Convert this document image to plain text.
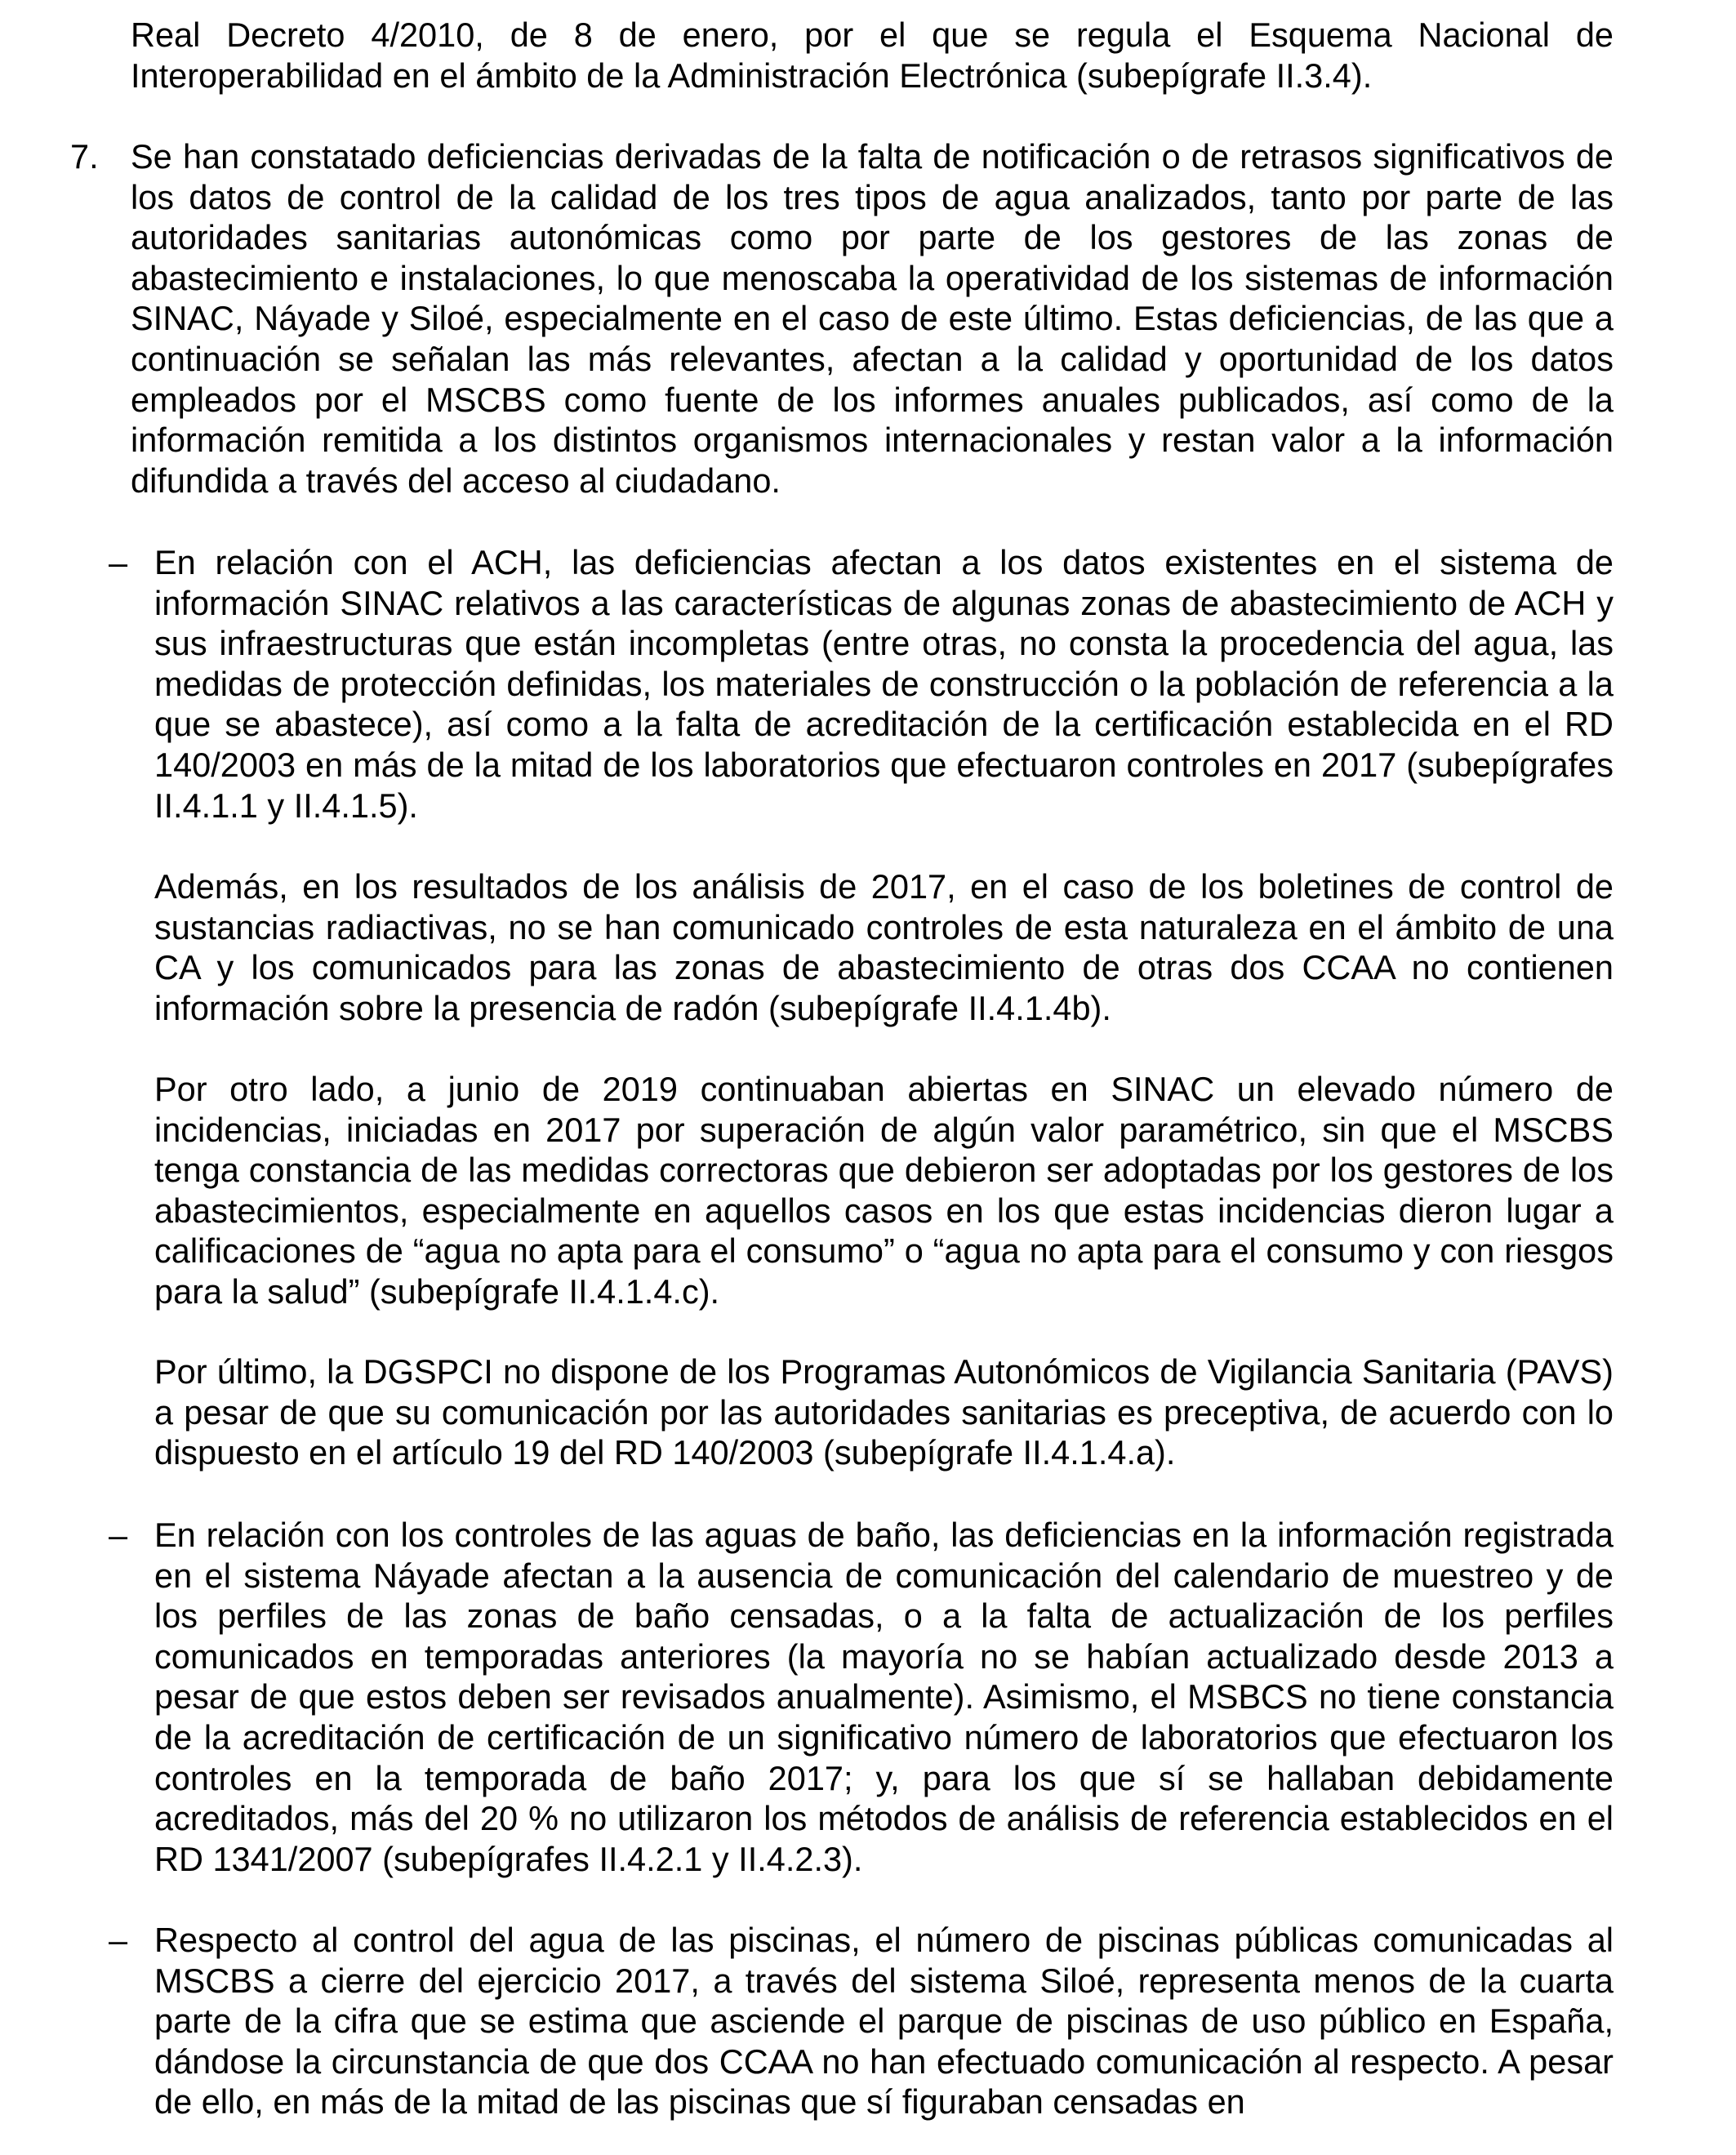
Real Decreto 4/2010, de 8 de enero, por el que se regula el Esquema Nacional de Interoperabilidad en el ámbito de la Administración Electrónica (subepígrafe II.3.4).

7. Se han constatado deficiencias derivadas de la falta de notificación o de retrasos significativos de los datos de control de la calidad de los tres tipos de agua analizados, tanto por parte de las autoridades sanitarias autonómicas como por parte de los gestores de las zonas de abastecimiento e instalaciones, lo que menoscaba la operatividad de los sistemas de información SINAC, Náyade y Siloé, especialmente en el caso de este último. Estas deficiencias, de las que a continuación se señalan las más relevantes, afectan a la calidad y oportunidad de los datos empleados por el MSCBS como fuente de los informes anuales publicados, así como de la información remitida a los distintos organismos internacionales y restan valor a la información difundida a través del acceso al ciudadano.

– En relación con el ACH, las deficiencias afectan a los datos existentes en el sistema de información SINAC relativos a las características de algunas zonas de abastecimiento de ACH y sus infraestructuras que están incompletas (entre otras, no consta la procedencia del agua, las medidas de protección definidas, los materiales de construcción o la población de referencia a la que se abastece), así como a la falta de acreditación de la certificación establecida en el RD 140/2003 en más de la mitad de los laboratorios que efectuaron controles en 2017 (subepígrafes II.4.1.1 y II.4.1.5).

Además, en los resultados de los análisis de 2017, en el caso de los boletines de control de sustancias radiactivas, no se han comunicado controles de esta naturaleza en el ámbito de una CA y los comunicados para las zonas de abastecimiento de otras dos CCAA no contienen información sobre la presencia de radón (subepígrafe II.4.1.4b).

Por otro lado, a junio de 2019 continuaban abiertas en SINAC un elevado número de incidencias, iniciadas en 2017 por superación de algún valor paramétrico, sin que el MSCBS tenga constancia de las medidas correctoras que debieron ser adoptadas por los gestores de los abastecimientos, especialmente en aquellos casos en los que estas incidencias dieron lugar a calificaciones de “agua no apta para el consumo” o “agua no apta para el consumo y con riesgos para la salud” (subepígrafe II.4.1.4.c).

Por último, la DGSPCI no dispone de los Programas Autonómicos de Vigilancia Sanitaria (PAVS) a pesar de que su comunicación por las autoridades sanitarias es preceptiva, de acuerdo con lo dispuesto en el artículo 19 del RD 140/2003 (subepígrafe II.4.1.4.a).

– En relación con los controles de las aguas de baño, las deficiencias en la información registrada en el sistema Náyade afectan a la ausencia de comunicación del calendario de muestreo y de los perfiles de las zonas de baño censadas, o a la falta de actualización de los perfiles comunicados en temporadas anteriores (la mayoría no se habían actualizado desde 2013 a pesar de que estos deben ser revisados anualmente). Asimismo, el MSBCS no tiene constancia de la acreditación de certificación de un significativo número de laboratorios que efectuaron los controles en la temporada de baño 2017; y, para los que sí se hallaban debidamente acreditados, más del 20 % no utilizaron los métodos de análisis de referencia establecidos en el RD 1341/2007 (subepígrafes II.4.2.1 y II.4.2.3).

– Respecto al control del agua de las piscinas, el número de piscinas públicas comunicadas al MSCBS a cierre del ejercicio 2017, a través del sistema Siloé, representa menos de la cuarta parte de la cifra que se estima que asciende el parque de piscinas de uso público en España, dándose la circunstancia de que dos CCAA no han efectuado comunicación al respecto. A pesar de ello, en más de la mitad de las piscinas que sí figuraban censadas en
